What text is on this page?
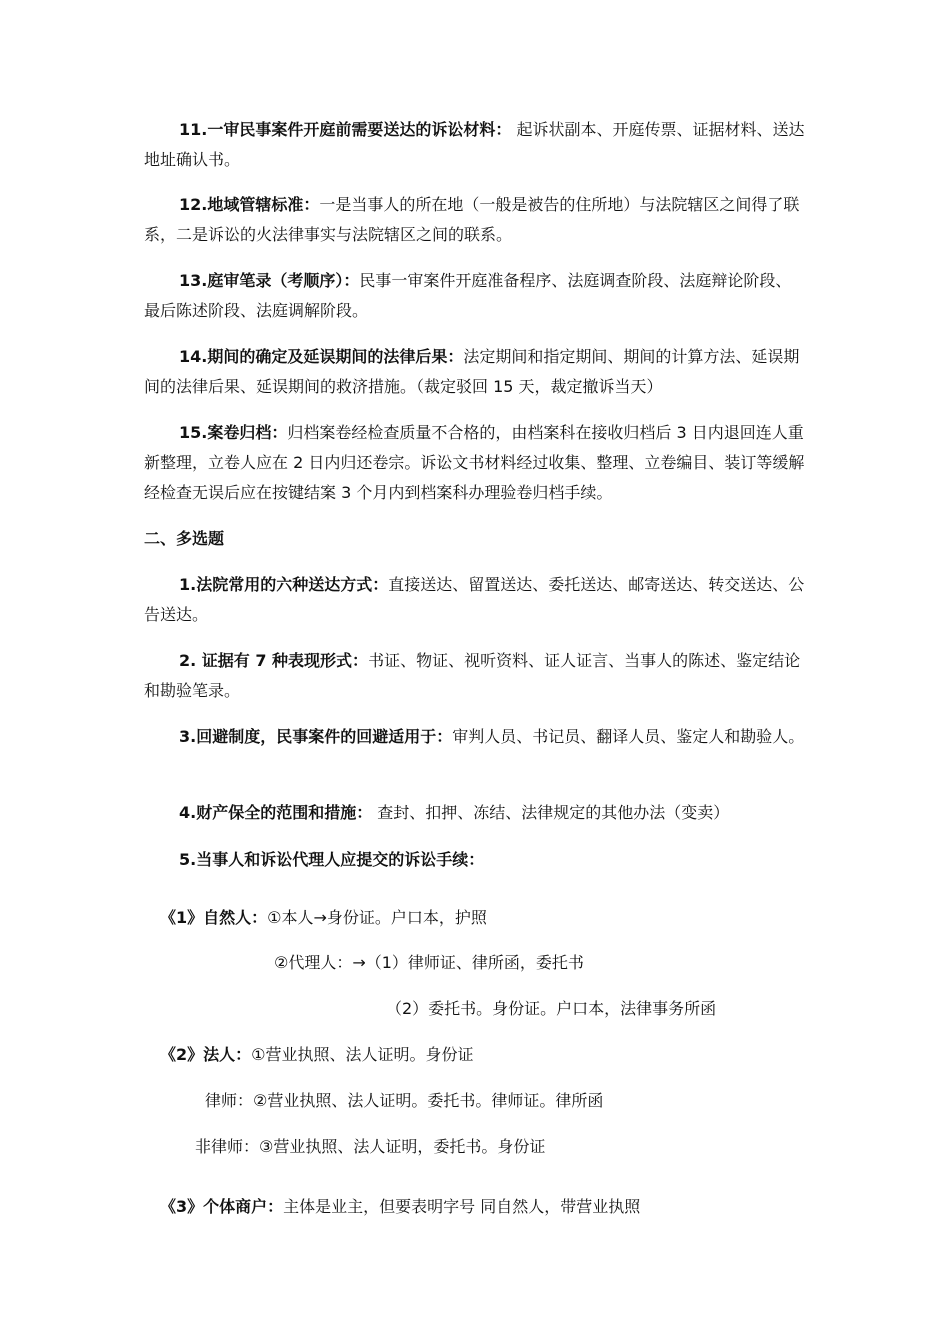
11.一审民事案件开庭前需要送达的诉讼材料： 起诉状副本、开庭传票、证据材料、送达地址确认书。

12.地域管辖标准：一是当事人的所在地（一般是被告的住所地）与法院辖区之间得了联系，二是诉讼的火法律事实与法院辖区之间的联系。

13.庭审笔录（考顺序）：民事一审案件开庭准备程序、法庭调查阶段、法庭辩论阶段、最后陈述阶段、法庭调解阶段。

14.期间的确定及延误期间的法律后果：法定期间和指定期间、期间的计算方法、延误期间的法律后果、延误期间的救济措施。（裁定驳回 15 天，裁定撤诉当天）

15.案卷归档：归档案卷经检查质量不合格的，由档案科在接收归档后 3 日内退回连人重新整理，立卷人应在 2 日内归还卷宗。诉讼文书材料经过收集、整理、立卷编目、装订等缓解经检查无误后应在按键结案 3 个月内到档案科办理验卷归档手续。

二、多选题

1.法院常用的六种送达方式：直接送达、留置送达、委托送达、邮寄送达、转交送达、公告送达。

2. 证据有 7 种表现形式：书证、物证、视听资料、证人证言、当事人的陈述、鉴定结论和勘验笔录。

3.回避制度，民事案件的回避适用于：审判人员、书记员、翻译人员、鉴定人和勘验人。

4.财产保全的范围和措施： 查封、扣押、冻结、法律规定的其他办法（变卖）

5.当事人和诉讼代理人应提交的诉讼手续：

《1》自然人：①本人→身份证。户口本，护照

②代理人：→（1）律师证、律所函，委托书

（2）委托书。身份证。户口本，法律事务所函

《2》法人：①营业执照、法人证明。身份证

律师：②营业执照、法人证明。委托书。律师证。律所函

非律师：③营业执照、法人证明，委托书。身份证

《3》个体商户：主体是业主，但要表明字号 同自然人，带营业执照
